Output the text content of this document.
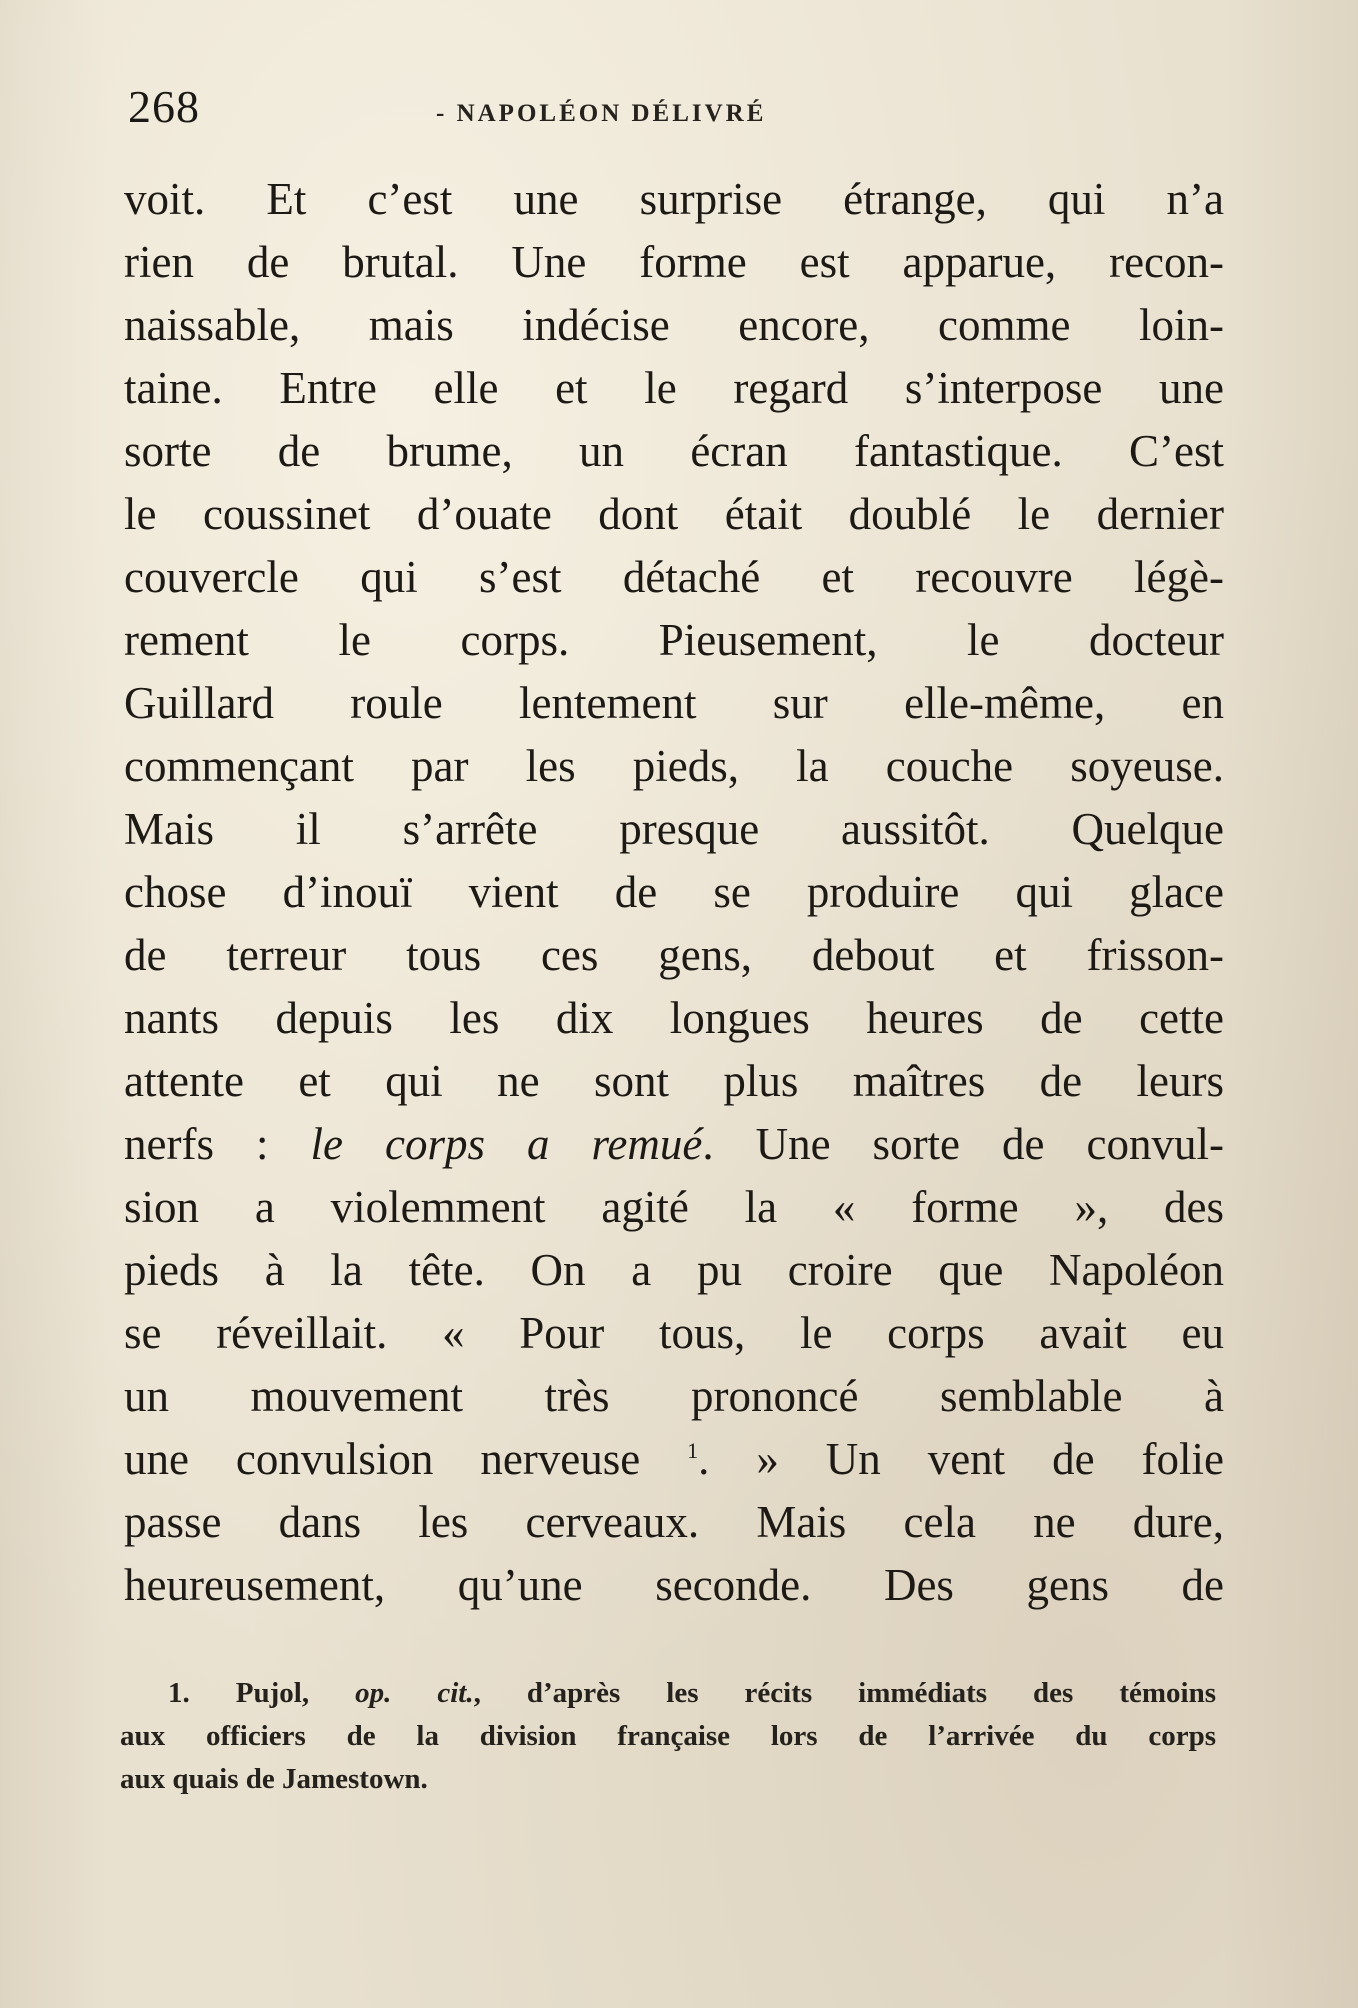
268	- NAPOLÉON DÉLIVRÉ
voit. Et c’est une surprise étrange, qui n’a
rien de brutal. Une forme est apparue, recon-
naissable, mais indécise encore, comme loin-
taine. Entre elle et le regard s’interpose une
sorte de brume, un écran fantastique. C’est
le coussinet d’ouate dont était doublé le dernier
couvercle qui s’est détaché et recouvre légè-
rement le corps. Pieusement, le docteur
Guillard roule lentement sur elle-même, en
commençant par les pieds, la couche soyeuse.
Mais il s’arrête presque aussitôt. Quelque
chose d’inouï vient de se produire qui glace
de terreur tous ces gens, debout et frisson-
nants depuis les dix longues heures de cette
attente et qui ne sont plus maîtres de leurs
nerfs : le corps a remué. Une sorte de convul-
sion a violemment agité la « forme », des
pieds à la tête. On a pu croire que Napoléon
se réveillait. « Pour tous, le corps avait eu
un mouvement très prononcé semblable à
une convulsion nerveuse $^1$. » Un vent de folie
passe dans les cerveaux. Mais cela ne dure,
heureusement, qu’une seconde. Des gens de
1. Pujol, op. cit., d’après les récits immédiats des témoins
aux officiers de la division française lors de l’arrivée du corps
aux quais de Jamestown.
